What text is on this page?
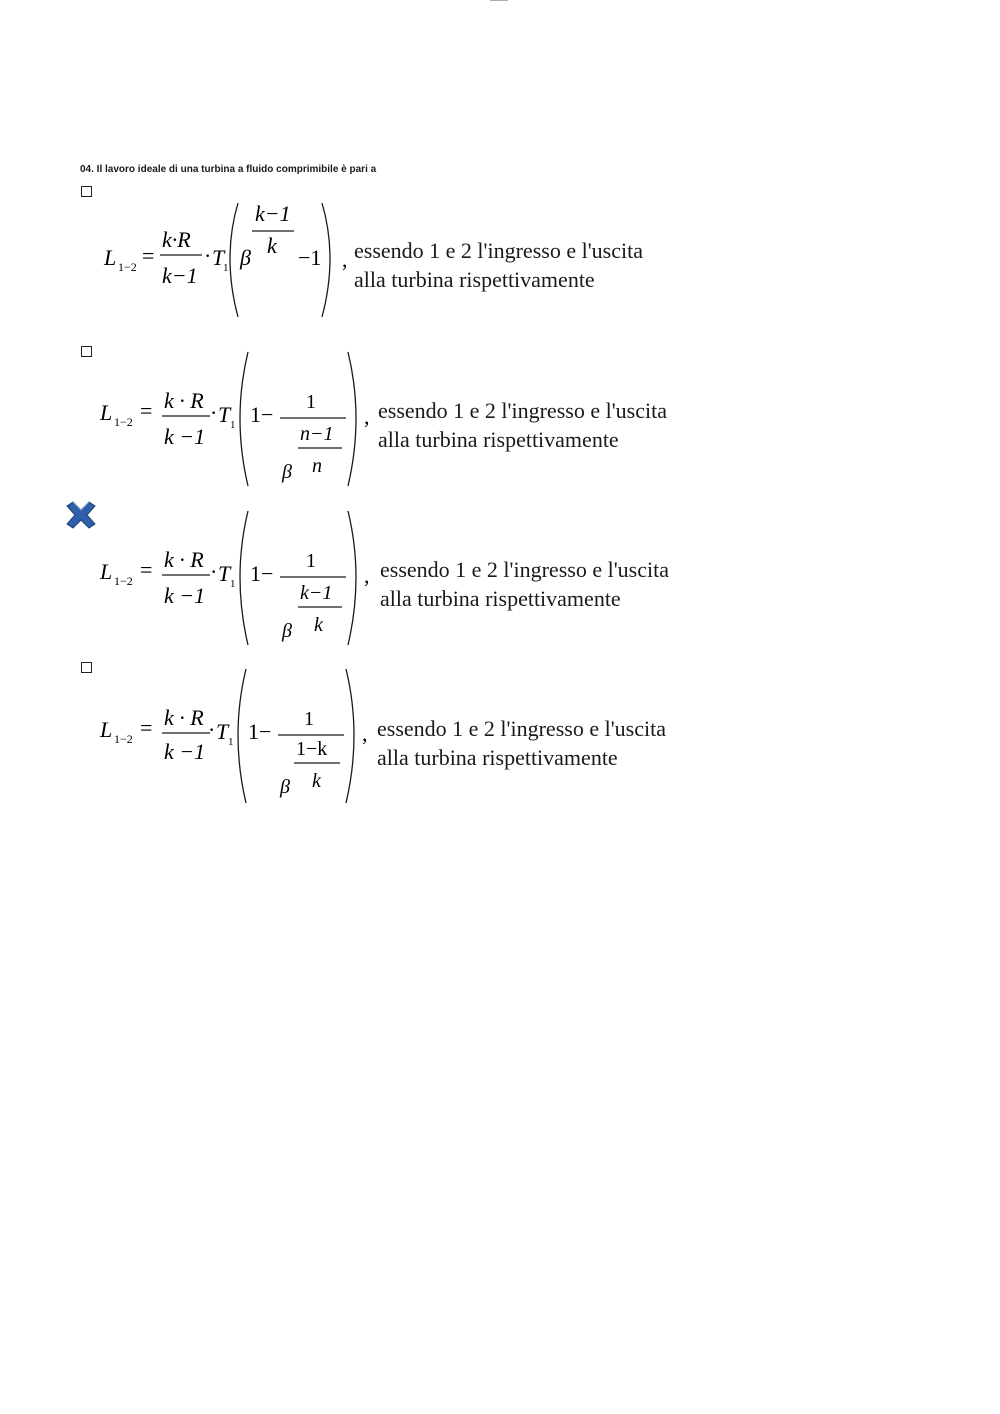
04. Il lavoro ideale di una turbina a fluido comprimibile è pari a
L 1−2 =
k·R
k−1
· T
1 β
k−1
k −1 , essendo 1 e 2 l'ingresso e l'uscita
alla turbina rispettivamente
L 1−2 = k · R
k −1
· T 1 1− 1
n−1
β n
, essendo 1 e 2 l'ingresso e l'uscita
alla turbina rispettivamente
L 1−2 = k · R
k −1
· T 1 1− 1
k−1
β k
, essendo 1 e 2 l'ingresso e l'uscita
alla turbina rispettivamente
L 1−2 = k · R
k −1
· T 1 1− 1
1−k
β k
, essendo 1 e 2 l'ingresso e l'uscita
alla turbina rispettivamente
